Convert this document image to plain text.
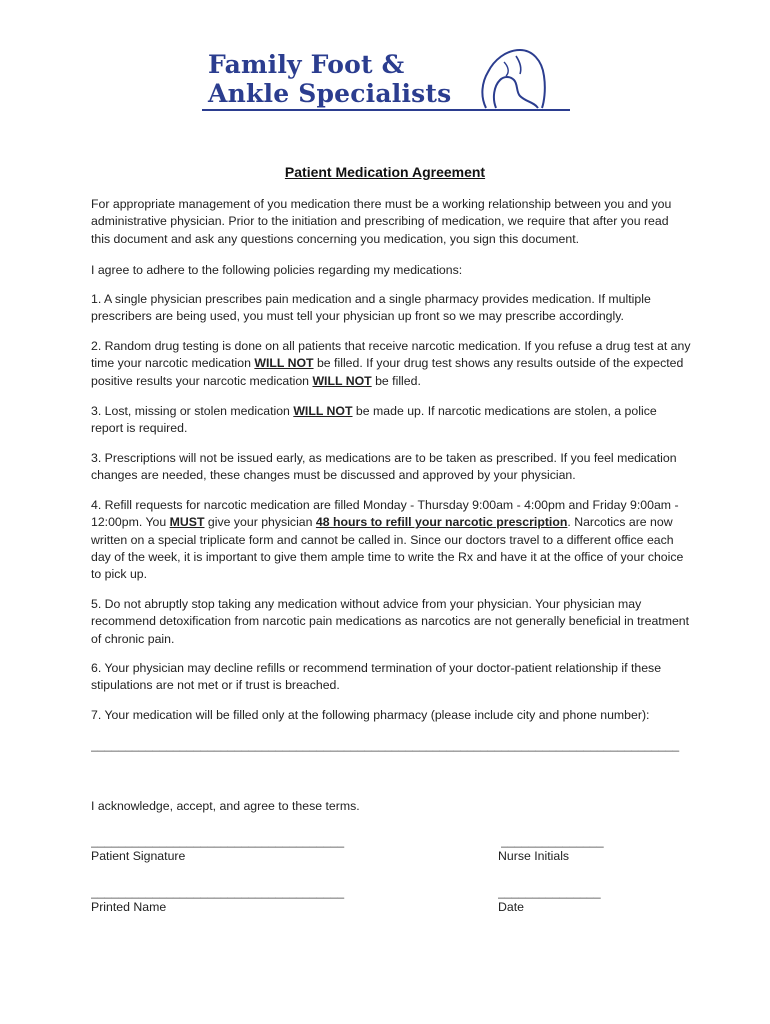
Family Foot &
Ankle Specialists
Patient Medication Agreement
For appropriate management of you medication there must be a working relationship between you and you administrative physician. Prior to the initiation and prescribing of medication, we require that after you read this document and ask any questions concerning you medication, you sign this document.
I agree to adhere to the following policies regarding my medications:
1. A single physician prescribes pain medication and a single pharmacy provides medication. If multiple prescribers are being used, you must tell your physician up front so we may prescribe accordingly.
2. Random drug testing is done on all patients that receive narcotic medication. If you refuse a drug test at any time your narcotic medication WILL NOT be filled. If your drug test shows any results outside of the expected positive results your narcotic medication WILL NOT be filled.
3. Lost, missing or stolen medication WILL NOT be made up. If narcotic medications are stolen, a police report is required.
3. Prescriptions will not be issued early, as medications are to be taken as prescribed. If you feel medication changes are needed, these changes must be discussed and approved by your physician.
4. Refill requests for narcotic medication are filled Monday - Thursday 9:00am - 4:00pm and Friday 9:00am - 12:00pm. You MUST give your physician 48 hours to refill your narcotic prescription. Narcotics are now written on a special triplicate form and cannot be called in. Since our doctors travel to a different office each day of the week, it is important to give them ample time to write the Rx and have it at the office of your choice to pick up.
5. Do not abruptly stop taking any medication without advice from your physician. Your physician may recommend detoxification from narcotic pain medications as narcotics are not generally beneficial in treatment of chronic pain.
6. Your physician may decline refills or recommend termination of your doctor-patient relationship if these stipulations are not met or if trust is breached.
7. Your medication will be filled only at the following pharmacy (please include city and phone number):
______________________________________________________________________________________
I acknowledge, accept, and agree to these terms.
_____________________________________	_______________
Patient Signature	Nurse Initials
_____________________________________	_______________
Printed Name	Date
